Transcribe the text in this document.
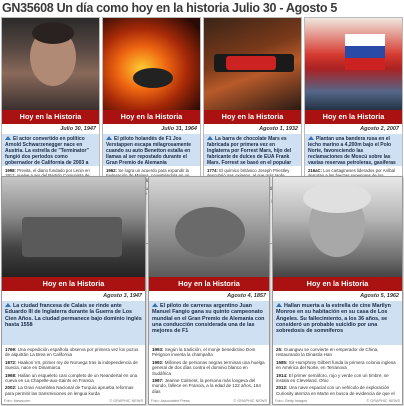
GN35608 Un día como hoy en la historia Julio 30 - Agosto 5
Hoy en la Historia
Julio 30, 1947

El actor convertido en político Arnold Schwarzenegger nace en Austria. La estrella de "Terminator" fungió dos periodos como gobernador de California de 2003 a

1998: Previta, el diario fundado por Lenin en

Hoy en la Historia
Julio 31, 1964

El piloto holandés de F1 Jos Verstappen escapa milagrosamente cuando su auto Benetton estalla en llamas al ser repostado durante el Gran Premio de Alemania

1962: Se logra un acuerdo para expandir la

Hoy en la Historia
Agosto 1, 1932

La barra de chocolate Mars es fabricada por primera vez en Inglaterra por Forrest Mars, hijo del fabricante de dulces de EUA Frank Mars. Forrest se basó en el popular

1774: El químico británico Joseph Priestley

Hoy en la Historia
Agosto 2, 2007

Plantan una bandera rusa en el lecho marino a 4,200m bajo el Polo Norte, favoreciendo las reclamaciones de Moscú sobre las vastas reservas petroleras, gasíferas

216aC: Los cartagineses liderados por Aníbal

Hoy en la Historia
Agosto 3, 1947

La ciudad francesa de Calais se rinde ante Eduardo III de Inglaterra durante la Guerra de Los Cien Años. La ciudad permanece bajo dominio inglés hasta 1558

1769: Una expedición española observa por primera vez los pozos de alquitrán La Brea en California

1872: Haakon VII, primer rey de Noruega tras la independencia de Suecia, nace en Dinamarca

1968: Hallan un esqueleto casi completo de un Neandertal en una cueva en La Chapelle-aux-Saints en Francia

2002: La Gran Asamblea Nacional de Turquía aprueba reformas para permitir las transmisiones en lengua kurda

Foto: Newscom	© GRAPHIC NEWS
Hoy en la Historia
Agosto 4, 1857

El piloto de carreras argentino Juan Manuel Fangio gana su quinto campeonato mundial en el Gran Premio de Alemania con una conducción considerada una de las mejores de F1

1993: Según la tradición, el monje benedictino Dom Pérignon inventa la champaña

1992: Millones de personas negras terminan una huelga general de dos días contra el dominio blanco en Sudáfrica

1997: Jeanne Calment, la persona más longeva del mundo, fallece en Francia, a la edad de 122 años, 164 días

Foto: Associated Press	© GRAPHIC NEWS
Hoy en la Historia
Agosto 5, 1962

Hallan muerta a la estrella de cine Marilyn Monroe en su habitación en su casa de Los Ángeles. Su fallecimiento, a los 36 años, se consideró un probable suicidio por una sobredosis de somníferos

25: Guangwu se convierte en emperador de China, restaurando la Dinastía Han

1585: Sir Humphrey Gilbert funda la primera colonia inglesa en América del Norte, en Terranova

1914: El primer semáforo, rojo y verde con un timbre, se instala en Cleveland, Ohio

2012: Una nave espacial con un vehículo de exploración Curiosity aterriza en Marte en busca de evidencia de que el

Foto: Getty Images	© GRAPHIC NEWS
